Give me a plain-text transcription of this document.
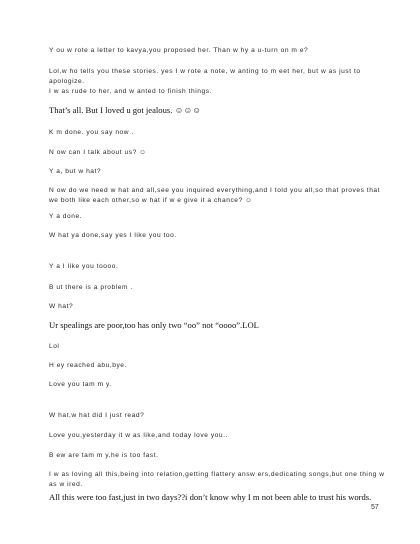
Y ou w rote a letter to kavya,you proposed her. Than w hy a u-turn on m e?
Lol,w ho tells you these stories. yes I w rote a note, w anting to m eet her, but w as just to apologize.
I w as rude to her, and w anted to finish things.
That’s all. But I loved u got jealous. ☺☺☺
K m done. you say now .
N ow can I talk about us? ☺
Y a, but w hat?
N ow do we need w hat and all,see you inquired everything,and I told you all,so that proves that we both like each other,so w hat if w e give it a chance? ☺
Y a done.
W hat ya done,say yes I like you too.
Y a I like you toooo.
B ut there is a problem .
W hat?
Ur spealings are poor,too has only two “oo” not “oooo”.LOL
Lol
H ey reached abu,bye.
Love you tam m y.
W hat,w hat did I just read?
Love you,yesterday it w as like,and today love you..
B ew are tam m y,he is too fast.
I w as loving all this,being into relation,getting flattery answ ers,dedicating songs,but one thing w as w ired.
All this were too fast,just in two days??i don’t know why I m not been able to trust his words.
57
